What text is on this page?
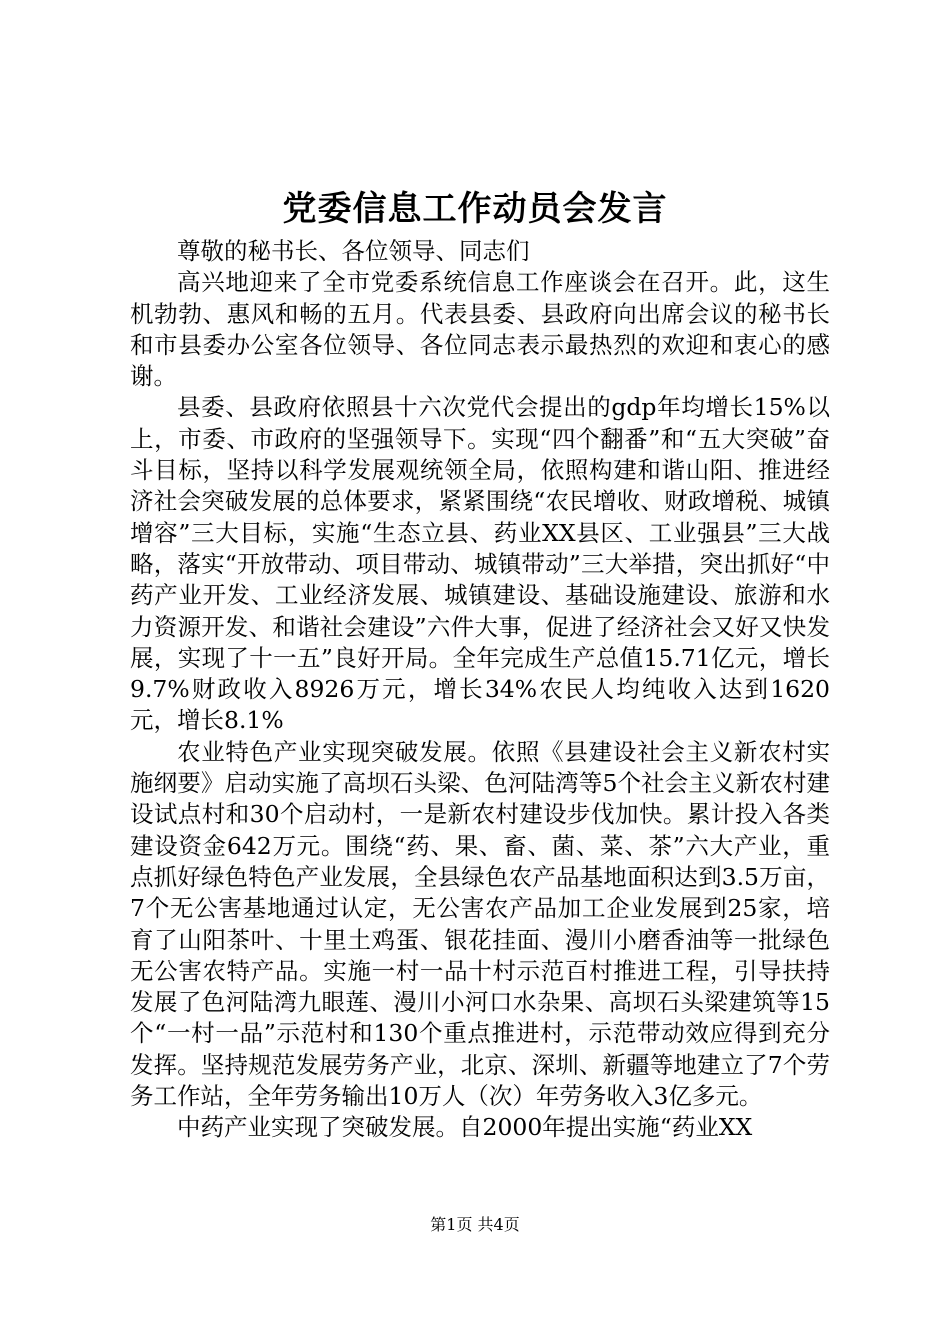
党委信息工作动员会发言

尊敬的秘书长、各位领导、同志们

高兴地迎来了全市党委系统信息工作座谈会在召开。此，这生机勃勃、惠风和畅的五月。代表县委、县政府向出席会议的秘书长和市县委办公室各位领导、各位同志表示最热烈的欢迎和衷心的感谢。

县委、县政府依照县十六次党代会提出的gdp年均增长15%以上，市委、市政府的坚强领导下。实现“四个翻番”和“五大突破”奋斗目标，坚持以科学发展观统领全局，依照构建和谐山阳、推进经济社会突破发展的总体要求，紧紧围绕“农民增收、财政增税、城镇增容”三大目标，实施“生态立县、药业XX县区、工业强县”三大战略，落实“开放带动、项目带动、城镇带动”三大举措，突出抓好“中药产业开发、工业经济发展、城镇建设、基础设施建设、旅游和水力资源开发、和谐社会建设”六件大事，促进了经济社会又好又快发展，实现了十一五”良好开局。全年完成生产总值15.71亿元，增长9.7%财政收入8926万元，增长34%农民人均纯收入达到1620元，增长8.1%

农业特色产业实现突破发展。依照《县建设社会主义新农村实施纲要》启动实施了高坝石头梁、色河陆湾等5个社会主义新农村建设试点村和30个启动村，一是新农村建设步伐加快。累计投入各类建设资金642万元。围绕“药、果、畜、菌、菜、茶”六大产业，重点抓好绿色特色产业发展，全县绿色农产品基地面积达到3.5万亩，7个无公害基地通过认定，无公害农产品加工企业发展到25家，培育了山阳茶叶、十里土鸡蛋、银花挂面、漫川小磨香油等一批绿色无公害农特产品。实施一村一品十村示范百村推进工程，引导扶持发展了色河陆湾九眼莲、漫川小河口水杂果、高坝石头梁建筑等15个“一村一品”示范村和130个重点推进村，示范带动效应得到充分发挥。坚持规范发展劳务产业，北京、深圳、新疆等地建立了7个劳务工作站，全年劳务输出10万人（次）年劳务收入3亿多元。

中药产业实现了突破发展。自2000年提出实施“药业XX

第1页 共4页
